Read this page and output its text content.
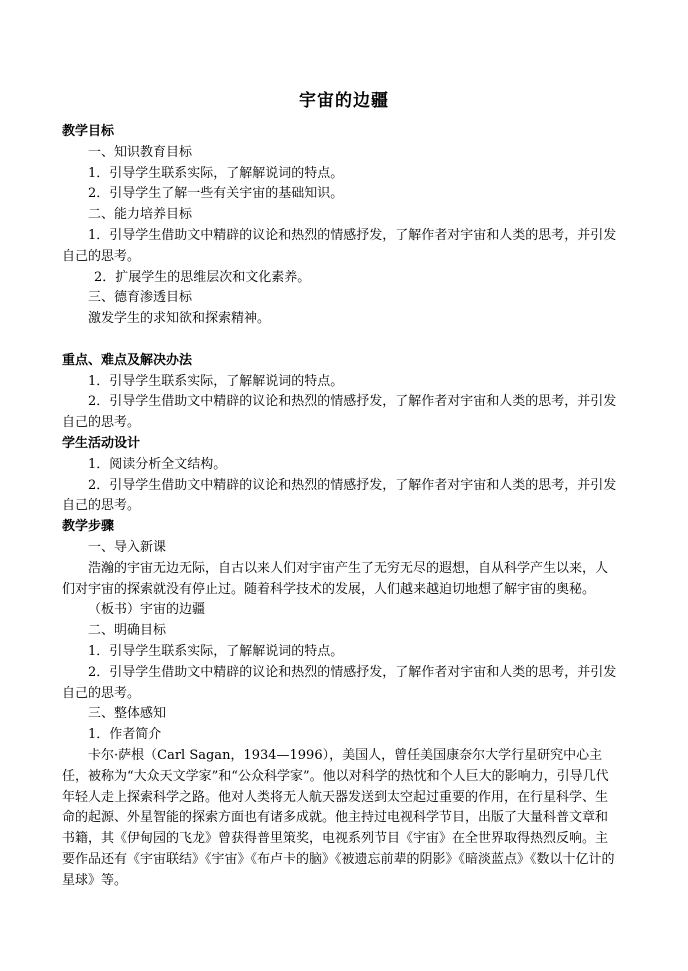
宇宙的边疆

教学目标

一、知识教育目标

1．引导学生联系实际，了解解说词的特点。

2．引导学生了解一些有关宇宙的基础知识。

二、能力培养目标

1．引导学生借助文中精辟的议论和热烈的情感抒发，了解作者对宇宙和人类的思考，并引发自己的思考。

2．扩展学生的思维层次和文化素养。

三、德育渗透目标

激发学生的求知欲和探索精神。

重点、难点及解决办法

1．引导学生联系实际，了解解说词的特点。

2．引导学生借助文中精辟的议论和热烈的情感抒发，了解作者对宇宙和人类的思考，并引发自己的思考。

学生活动设计

1．阅读分析全文结构。

2．引导学生借助文中精辟的议论和热烈的情感抒发，了解作者对宇宙和人类的思考，并引发自己的思考。

教学步骤

一、导入新课

浩瀚的宇宙无边无际，自古以来人们对宇宙产生了无穷无尽的遐想，自从科学产生以来，人们对宇宙的探索就没有停止过。随着科学技术的发展，人们越来越迫切地想了解宇宙的奥秘。

（板书）宇宙的边疆

二、明确目标

1．引导学生联系实际，了解解说词的特点。

2．引导学生借助文中精辟的议论和热烈的情感抒发，了解作者对宇宙和人类的思考，并引发自己的思考。

三、整体感知

1．作者简介

卡尔·萨根（Carl Sagan，1934—1996），美国人，曾任美国康奈尔大学行星研究中心主任，被称为“大众天文学家”和“公众科学家”。他以对科学的热忱和个人巨大的影响力，引导几代年轻人走上探索科学之路。他对人类将无人航天器发送到太空起过重要的作用，在行星科学、生命的起源、外星智能的探索方面也有诸多成就。他主持过电视科学节目，出版了大量科普文章和书籍，其《伊甸园的飞龙》曾获得普里策奖，电视系列节目《宇宙》在全世界取得热烈反响。主要作品还有《宇宙联结》《宇宙》《布卢卡的脑》《被遗忘前辈的阴影》《暗淡蓝点》《数以十亿计的星球》等。
